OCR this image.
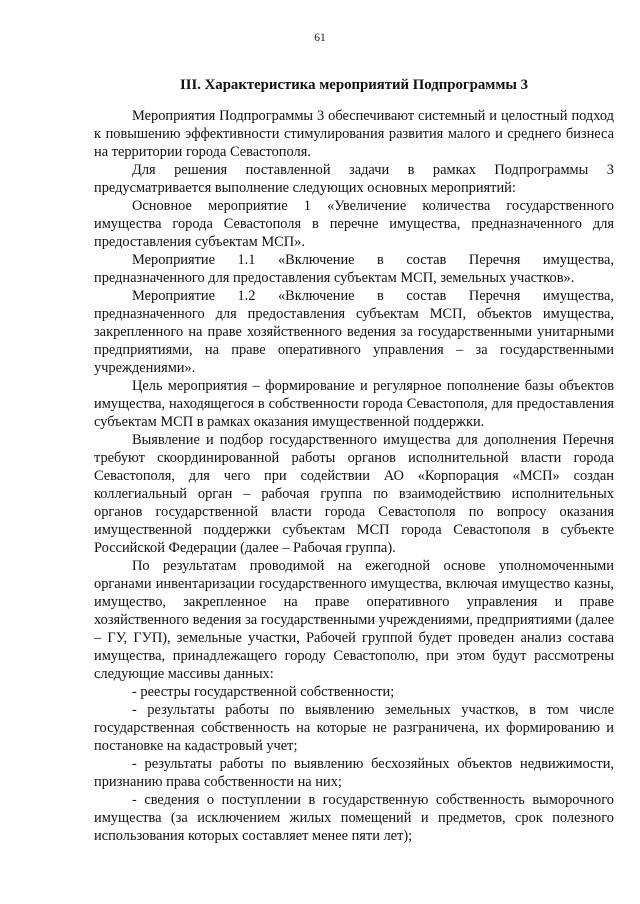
61
III. Характеристика мероприятий Подпрограммы 3

Мероприятия Подпрограммы 3 обеспечивают системный и целостный подход к повышению эффективности стимулирования развития малого и среднего бизнеса на территории города Севастополя.

Для решения поставленной задачи в рамках Подпрограммы 3 предусматривается выполнение следующих основных мероприятий:

Основное мероприятие 1 «Увеличение количества государственного имущества города Севастополя в перечне имущества, предназначенного для предоставления субъектам МСП».

Мероприятие 1.1 «Включение в состав Перечня имущества, предназначенного для предоставления субъектам МСП, земельных участков».

Мероприятие 1.2 «Включение в состав Перечня имущества, предназначенного для предоставления субъектам МСП, объектов имущества, закрепленного на праве хозяйственного ведения за государственными унитарными предприятиями, на праве оперативного управления – за государственными учреждениями».

Цель мероприятия – формирование и регулярное пополнение базы объектов имущества, находящегося в собственности города Севастополя, для предоставления субъектам МСП в рамках оказания имущественной поддержки.

Выявление и подбор государственного имущества для дополнения Перечня требуют скоординированной работы органов исполнительной власти города Севастополя, для чего при содействии АО «Корпорация «МСП» создан коллегиальный орган – рабочая группа по взаимодействию исполнительных органов государственной власти города Севастополя по вопросу оказания имущественной поддержки субъектам МСП города Севастополя в субъекте Российской Федерации (далее – Рабочая группа).

По результатам проводимой на ежегодной основе уполномоченными органами инвентаризации государственного имущества, включая имущество казны, имущество, закрепленное на праве оперативного управления и праве хозяйственного ведения за государственными учреждениями, предприятиями (далее – ГУ, ГУП), земельные участки, Рабочей группой будет проведен анализ состава имущества, принадлежащего городу Севастополю, при этом будут рассмотрены следующие массивы данных:

- реестры государственной собственности;

- результаты работы по выявлению земельных участков, в том числе государственная собственность на которые не разграничена, их формированию и постановке на кадастровый учет;

- результаты работы по выявлению бесхозяйных объектов недвижимости, признанию права собственности на них;

- сведения о поступлении в государственную собственность выморочного имущества (за исключением жилых помещений и предметов, срок полезного использования которых составляет менее пяти лет);
